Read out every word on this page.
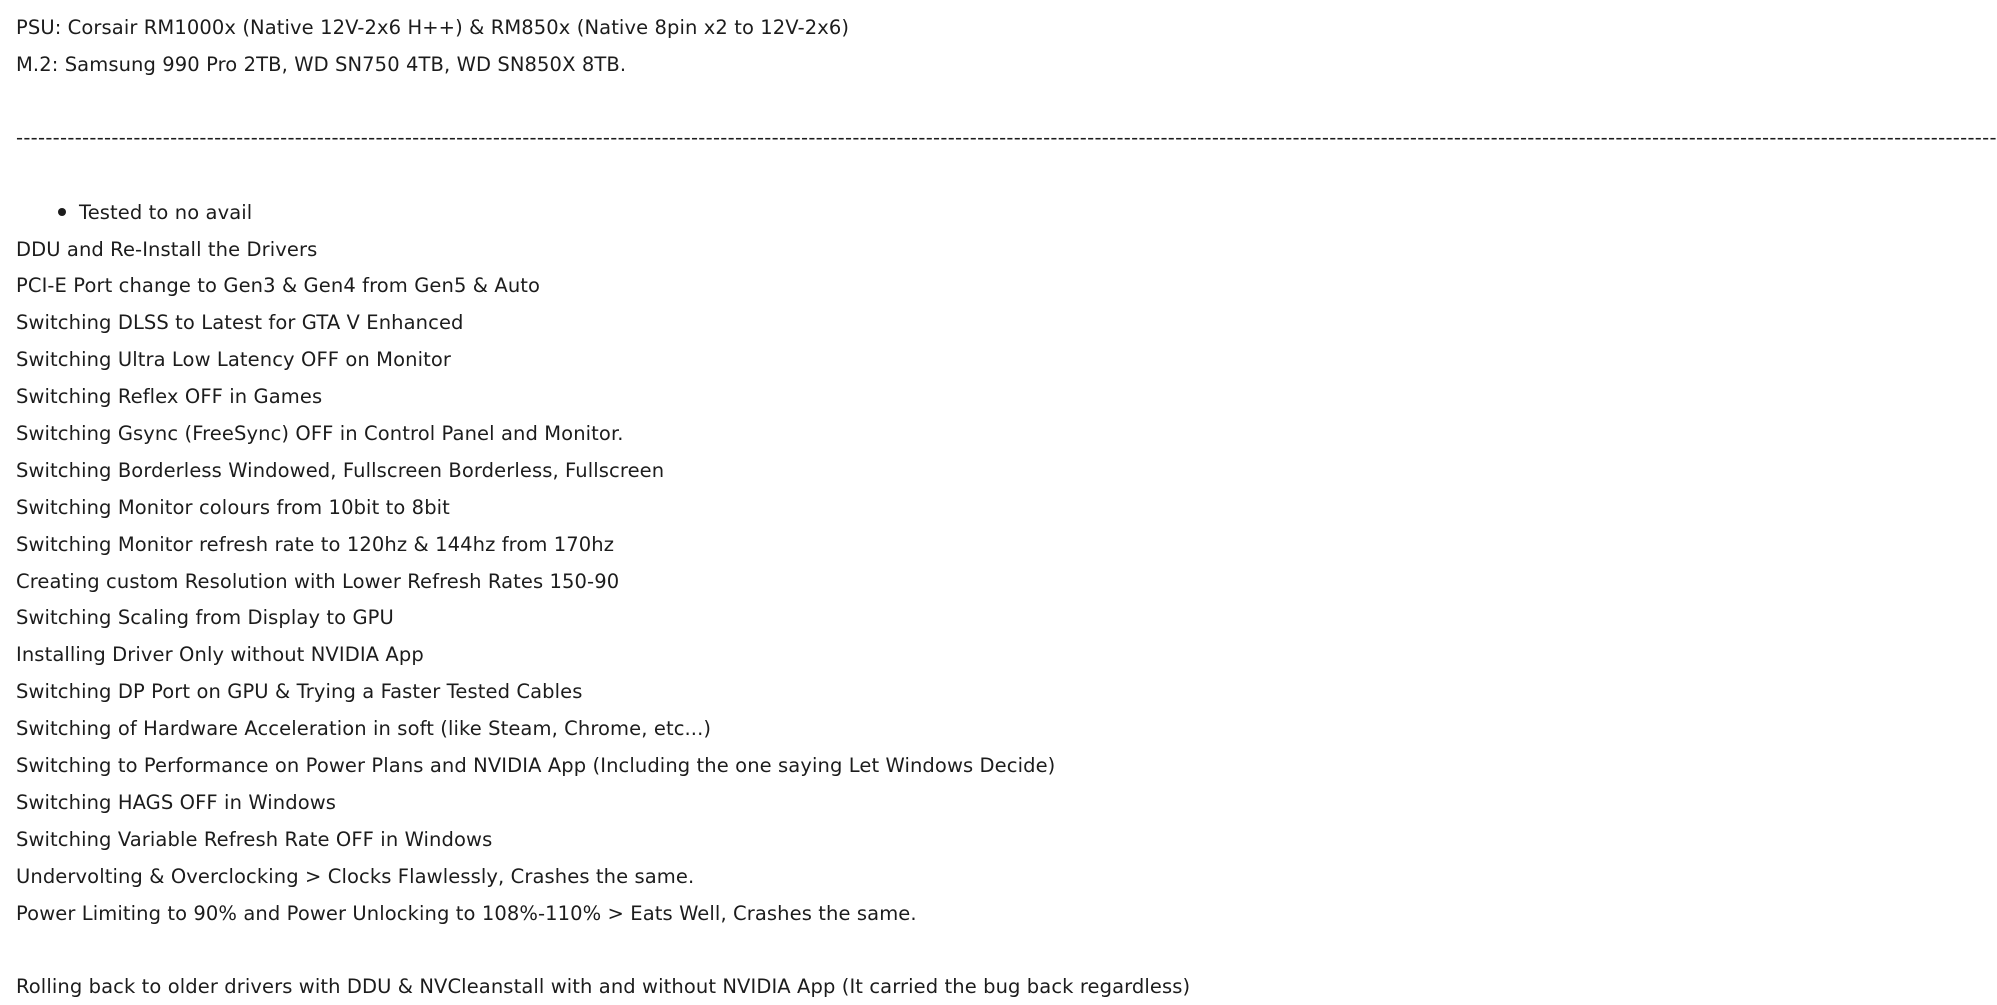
PSU: Corsair RM1000x (Native 12V-2x6 H++) & RM850x (Native 8pin x2 to 12V-2x6)
M.2: Samsung 990 Pro 2TB, WD SN750 4TB, WD SN850X 8TB.
------------------------------------------------------------------------------------------------------------------------------------------------------------------------------------------------------------------------------------------------------------------------------
Tested to no avail
DDU and Re-Install the Drivers
PCI-E Port change to Gen3 & Gen4 from Gen5 & Auto
Switching DLSS to Latest for GTA V Enhanced
Switching Ultra Low Latency OFF on Monitor
Switching Reflex OFF in Games
Switching Gsync (FreeSync) OFF in Control Panel and Monitor.
Switching Borderless Windowed, Fullscreen Borderless, Fullscreen
Switching Monitor colours from 10bit to 8bit
Switching Monitor refresh rate to 120hz & 144hz from 170hz
Creating custom Resolution with Lower Refresh Rates 150-90
Switching Scaling from Display to GPU
Installing Driver Only without NVIDIA App
Switching DP Port on GPU & Trying a Faster Tested Cables
Switching of Hardware Acceleration in soft (like Steam, Chrome, etc...)
Switching to Performance on Power Plans and NVIDIA App (Including the one saying Let Windows Decide)
Switching HAGS OFF in Windows
Switching Variable Refresh Rate OFF in Windows
Undervolting & Overclocking > Clocks Flawlessly, Crashes the same.
Power Limiting to 90% and Power Unlocking to 108%-110% > Eats Well, Crashes the same.
Rolling back to older drivers with DDU & NVCleanstall with and without NVIDIA App (It carried the bug back regardless)
